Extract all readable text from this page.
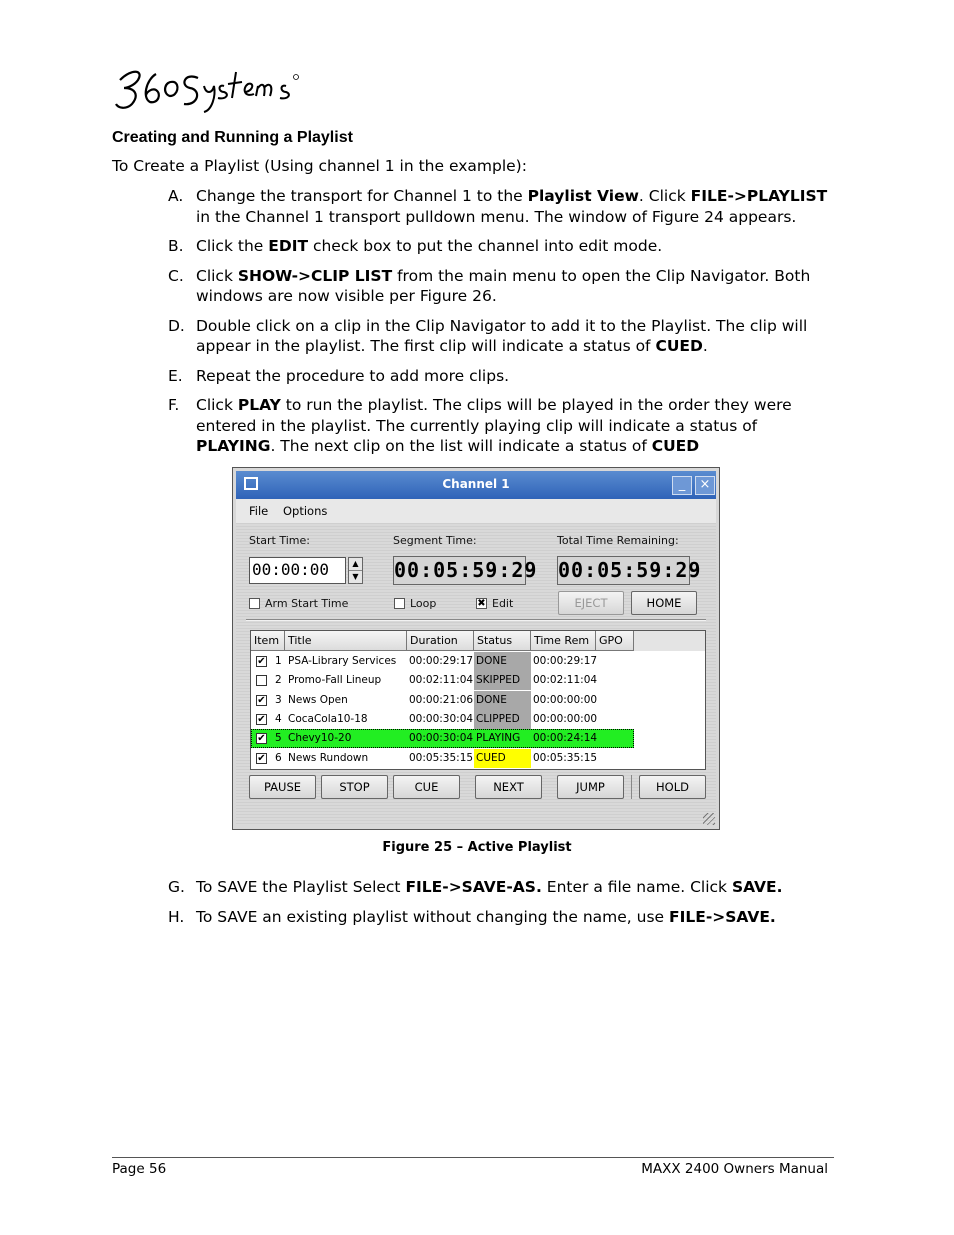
Creating and Running a Playlist
To Create a Playlist (Using channel 1 in the example):
A. Change the transport for Channel 1 to the Playlist View. Click FILE->PLAYLIST in the Channel 1 transport pulldown menu. The window of Figure 24 appears.
B. Click the EDIT check box to put the channel into edit mode.
C. Click SHOW->CLIP LIST from the main menu to open the Clip Navigator. Both windows are now visible per Figure 26.
D. Double click on a clip in the Clip Navigator to add it to the Playlist. The clip will appear in the playlist. The first clip will indicate a status of CUED.
E. Repeat the procedure to add more clips.
F.	Click PLAY to run the playlist. The clips will be played in the order they were entered in the playlist. The currently playing clip will indicate a status of PLAYING. The next clip on the list will indicate a status of CUED
Channel 1	_	×
File Options
Start Time:	Segment Time:	Total Time Remaining:
00:00:00	▲
▼ 00:05:59:29 00:05:59:29
Arm Start Time	Loop	✖ Edit	EJECT	HOME
Item Title	Duration	Status	Time Rem GPO
✔ 1 PSA-Library Services 00:00:29:17 DONE 00:00:29:17
2 Promo-Fall Lineup	00:02:11:04 SKIPPED 00:02:11:04
✔ 3 News Open	00:00:21:06 DONE 00:00:00:00
✔ 4 CocaCola10-18	00:00:30:04 CLIPPED 00:00:00:00
✔ 5 Chevy10-20	00:00:30:04 PLAYING 00:00:24:14
✔ 6 News Rundown	00:05:35:15 CUED	00:05:35:15
PAUSE	STOP	CUE	NEXT	JUMP	HOLD
Figure 25 – Active Playlist
G. To SAVE the Playlist Select FILE->SAVE-AS. Enter a file name. Click SAVE.
H. To SAVE an existing playlist without changing the name, use FILE->SAVE.
Page 56	MAXX 2400 Owners Manual
